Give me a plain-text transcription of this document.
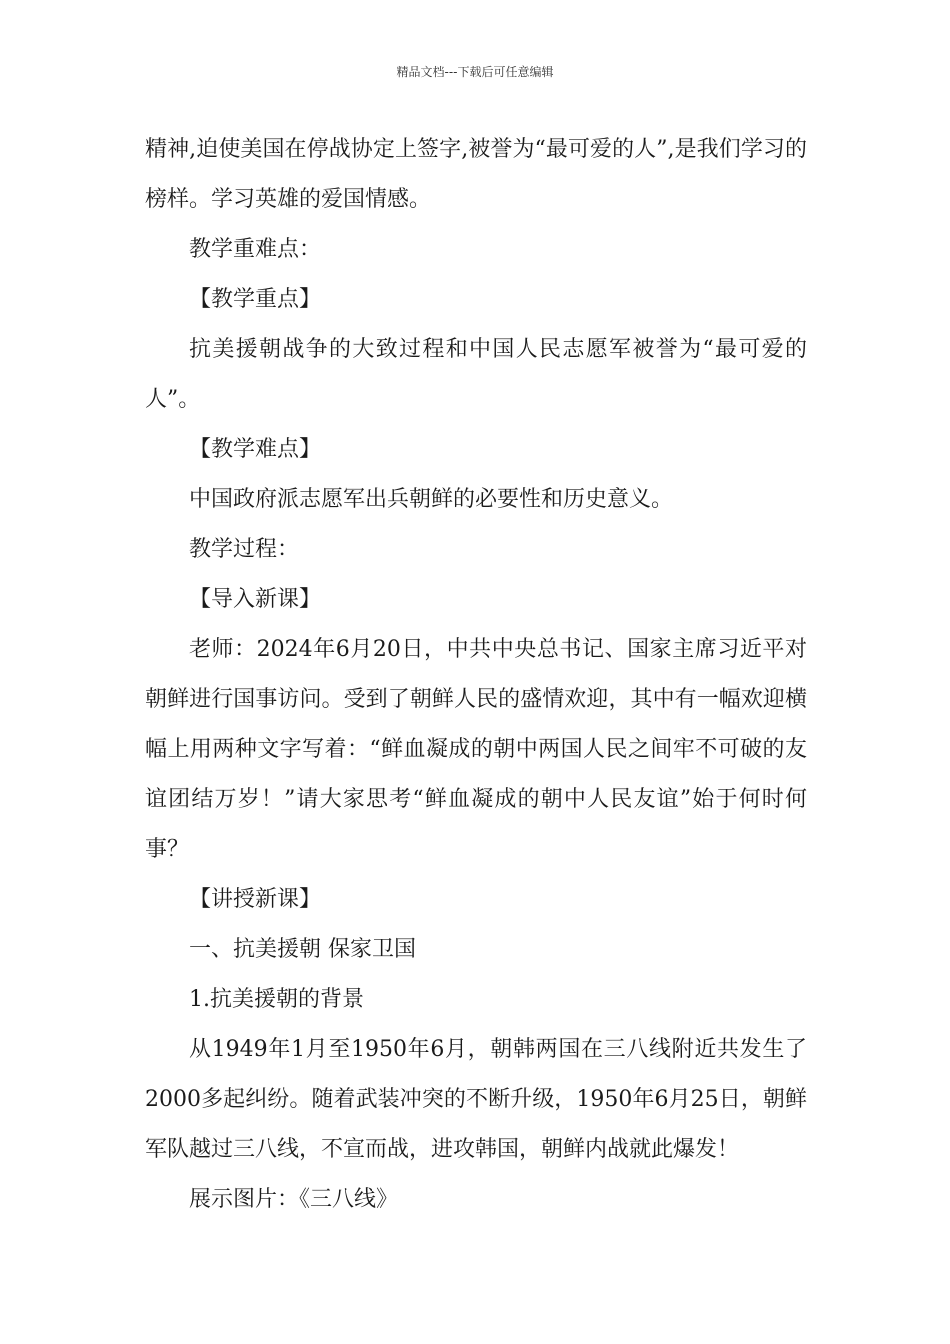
精品文档---下载后可任意编辑

精神,迫使美国在停战协定上签字,被誉为“最可爱的人”,是我们学习的榜样。学习英雄的爱国情感。

教学重难点：

【教学重点】

抗美援朝战争的大致过程和中国人民志愿军被誉为“最可爱的人”。

【教学难点】

中国政府派志愿军出兵朝鲜的必要性和历史意义。

教学过程：

【导入新课】

老师：2024年6月20日，中共中央总书记、国家主席习近平对朝鲜进行国事访问。受到了朝鲜人民的盛情欢迎，其中有一幅欢迎横幅上用两种文字写着：“鲜血凝成的朝中两国人民之间牢不可破的友谊团结万岁！”请大家思考“鲜血凝成的朝中人民友谊”始于何时何事？

【讲授新课】

一、抗美援朝 保家卫国

1.抗美援朝的背景

从1949年1月至1950年6月，朝韩两国在三八线附近共发生了2000多起纠纷。随着武装冲突的不断升级，1950年6月25日，朝鲜军队越过三八线，不宣而战，进攻韩国，朝鲜内战就此爆发！

展示图片：《三八线》
